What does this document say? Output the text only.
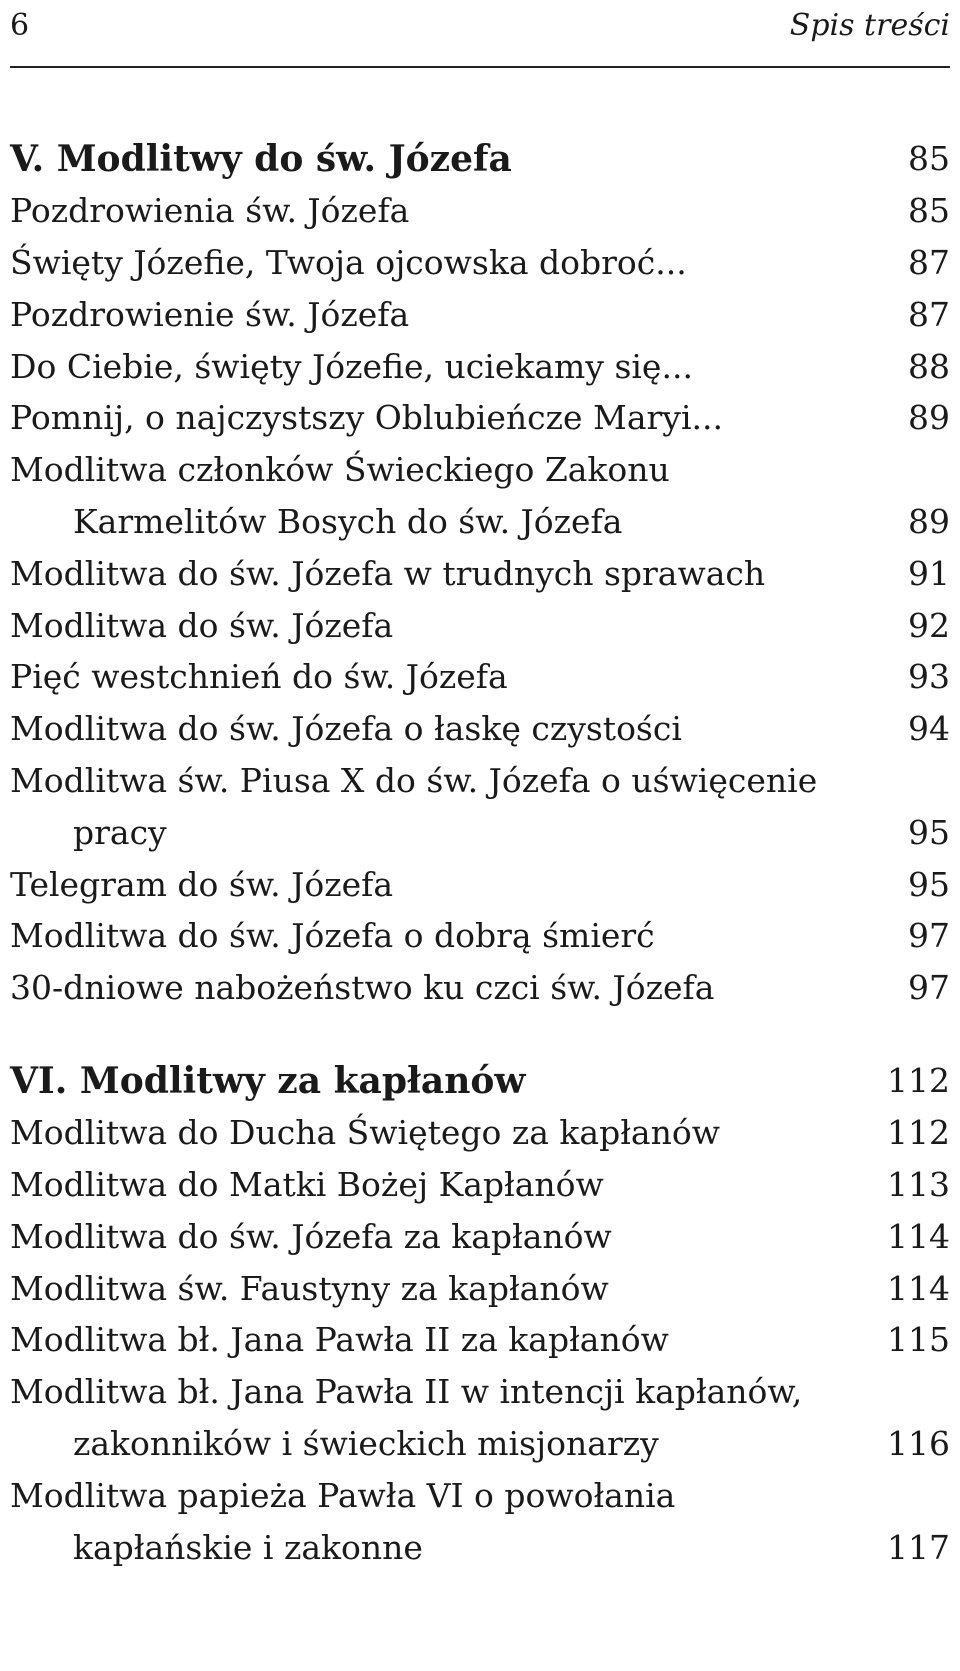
6	Spis treści
V. Modlitwy do św. Józefa	85
Pozdrowienia św. Józefa	85
Święty Józefie, Twoja ojcowska dobroć...	87
Pozdrowienie św. Józefa	87
Do Ciebie, święty Józefie, uciekamy się...	88
Pomnij, o najczystszy Oblubieńcze Maryi...	89
Modlitwa członków Świeckiego Zakonu
Karmelitów Bosych do św. Józefa	89
Modlitwa do św. Józefa w trudnych sprawach	91
Modlitwa do św. Józefa	92
Pięć westchnień do św. Józefa	93
Modlitwa do św. Józefa o łaskę czystości	94
Modlitwa św. Piusa X do św. Józefa o uświęcenie
pracy	95
Telegram do św. Józefa	95
Modlitwa do św. Józefa o dobrą śmierć	97
30-dniowe nabożeństwo ku czci św. Józefa	97
VI. Modlitwy za kapłanów	112
Modlitwa do Ducha Świętego za kapłanów	112
Modlitwa do Matki Bożej Kapłanów	113
Modlitwa do św. Józefa za kapłanów	114
Modlitwa św. Faustyny za kapłanów	114
Modlitwa bł. Jana Pawła II za kapłanów	115
Modlitwa bł. Jana Pawła II w intencji kapłanów,
zakonników i świeckich misjonarzy	116
Modlitwa papieża Pawła VI o powołania
kapłańskie i zakonne	117
